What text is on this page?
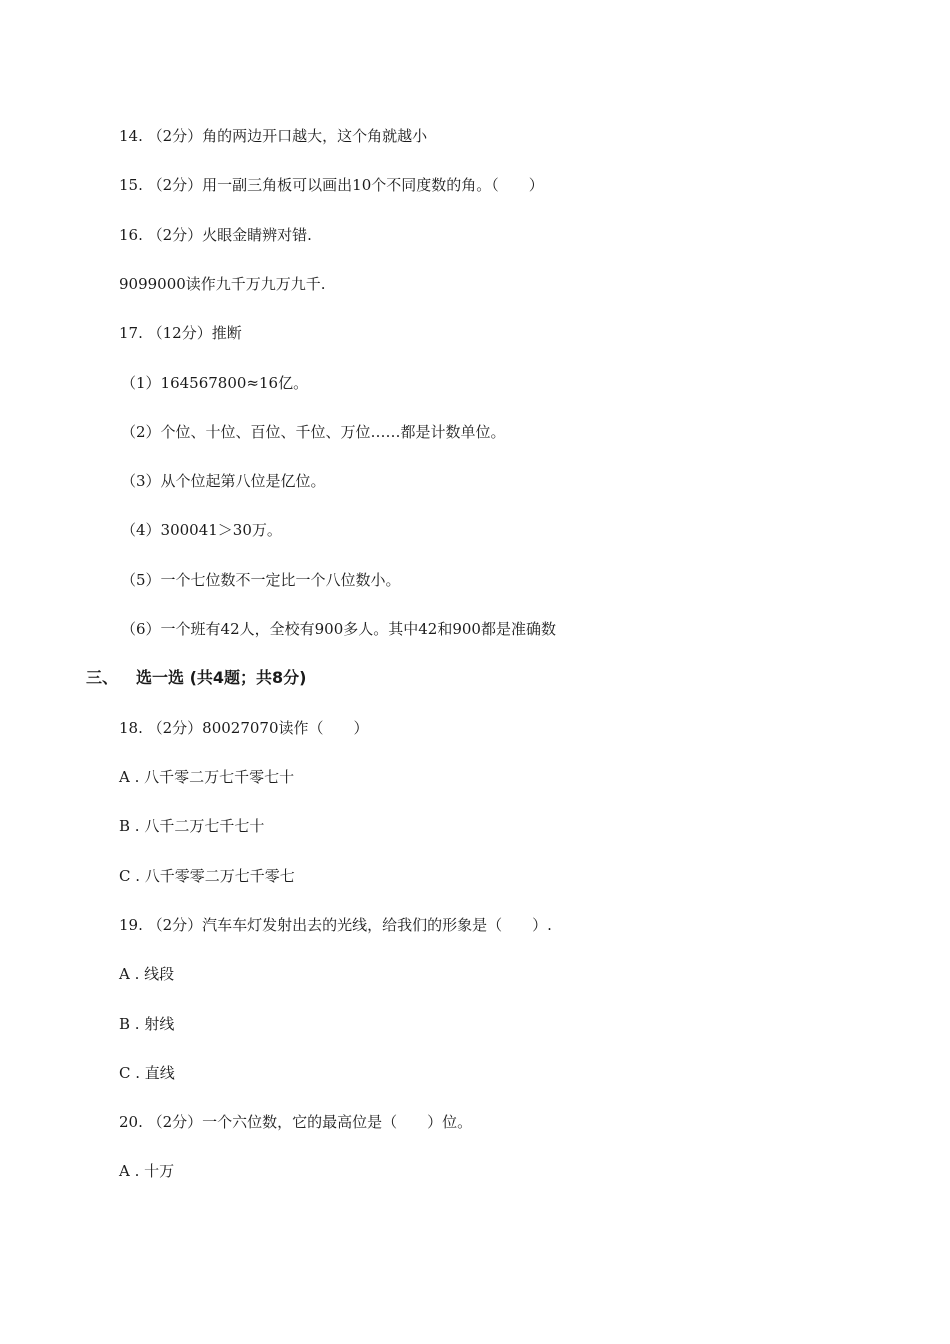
14. （2分）角的两边开口越大，这个角就越小
15. （2分）用一副三角板可以画出10个不同度数的角。（　　）
16. （2分）火眼金睛辨对错.
9099000读作九千万九万九千.
17. （12分）推断
（1）164567800≈16亿。
（2）个位、十位、百位、千位、万位……都是计数单位。
（3）从个位起第八位是亿位。
（4）300041＞30万。
（5）一个七位数不一定比一个八位数小。
（6）一个班有42人，全校有900多人。其中42和900都是准确数
三、 选一选 (共4题；共8分)
18. （2分）80027070读作（　　）
A . 八千零二万七千零七十
B . 八千二万七千七十
C . 八千零零二万七千零七
19. （2分）汽车车灯发射出去的光线，给我们的形象是（　　）.
A . 线段
B . 射线
C . 直线
20. （2分）一个六位数，它的最高位是（　　）位。
A . 十万
